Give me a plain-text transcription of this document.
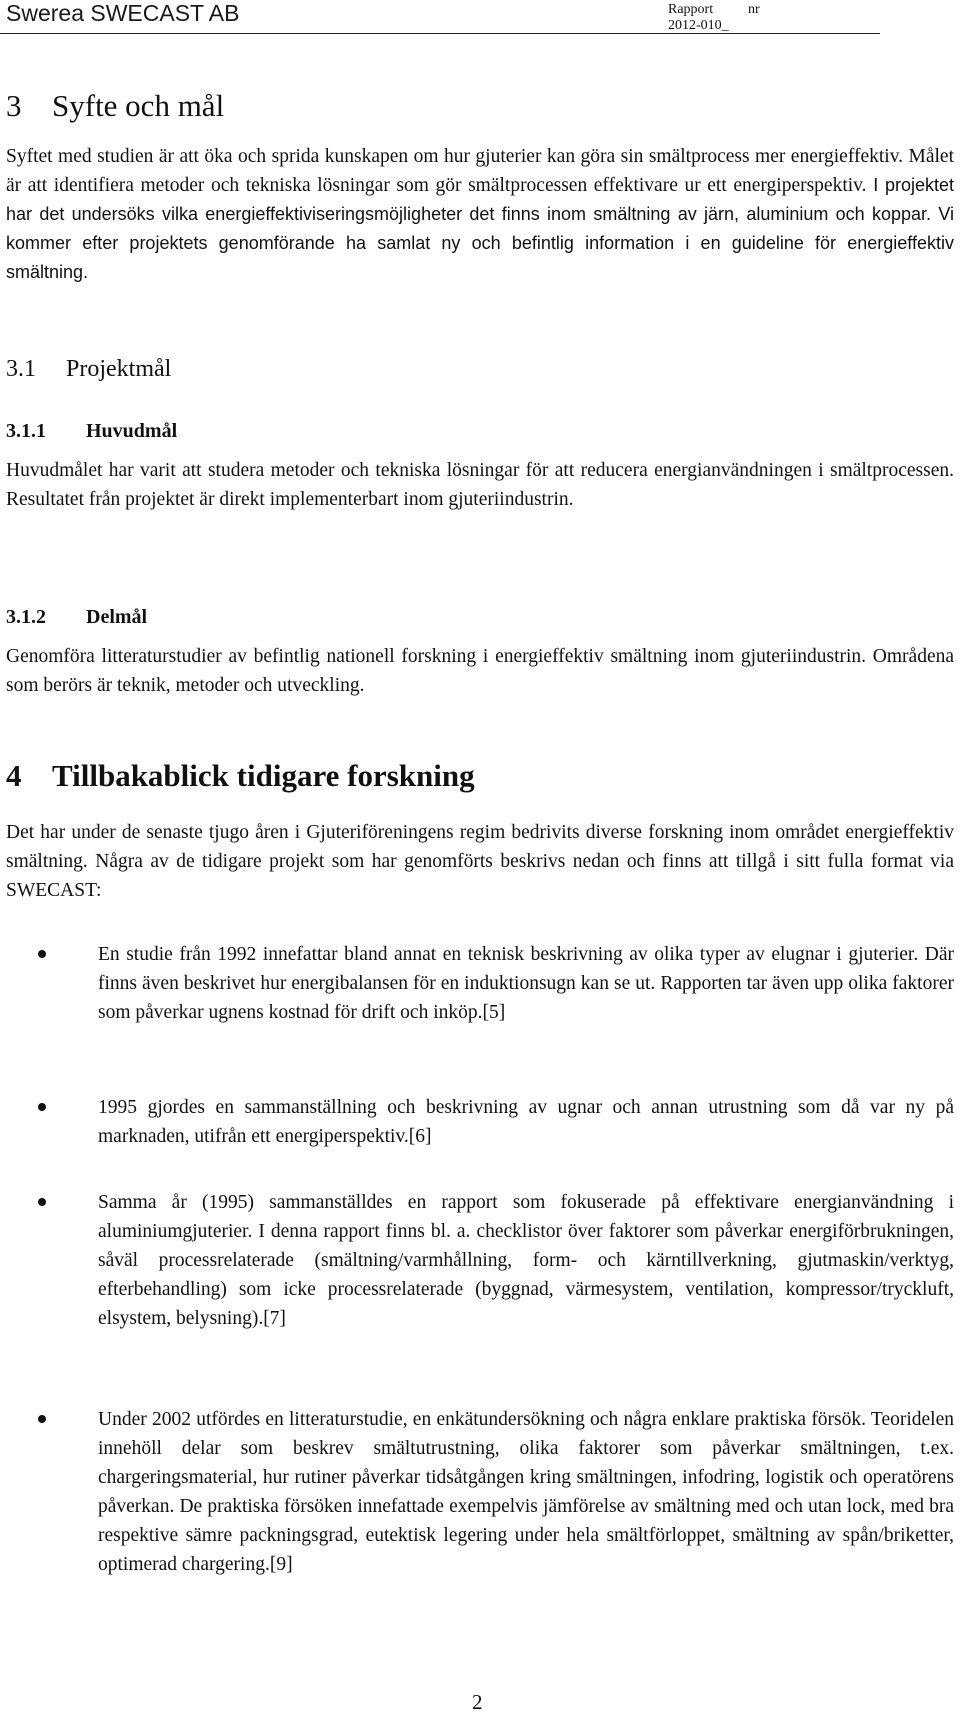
Swerea SWECAST AB	Rapport nr
2012-010_
3 Syfte och mål

Syftet med studien är att öka och sprida kunskapen om hur gjuterier kan göra sin smältprocess mer energieffektiv. Målet är att identifiera metoder och tekniska lösningar som gör smältprocessen effektivare ur ett energiperspektiv. I projektet har det undersöks vilka energieffektiviseringsmöjligheter det finns inom smältning av järn, aluminium och koppar. Vi kommer efter projektets genomförande ha samlat ny och befintlig information i en guideline för energieffektiv smältning.

3.1 Projektmål
3.1.1 Huvudmål

Huvudmålet har varit att studera metoder och tekniska lösningar för att reducera energianvändningen i smältprocessen. Resultatet från projektet är direkt implementerbart inom gjuteriindustrin.

3.1.2 Delmål

Genomföra litteraturstudier av befintlig nationell forskning i energieffektiv smältning inom gjuteriindustrin. Områdena som berörs är teknik, metoder och utveckling.

4 Tillbakablick tidigare forskning

Det har under de senaste tjugo åren i Gjuteriföreningens regim bedrivits diverse forskning inom området energieffektiv smältning. Några av de tidigare projekt som har genomförts beskrivs nedan och finns att tillgå i sitt fulla format via SWECAST:

En studie från 1992 innefattar bland annat en teknisk beskrivning av olika typer av elugnar i gjuterier. Där finns även beskrivet hur energibalansen för en induktionsugn kan se ut. Rapporten tar även upp olika faktorer som påverkar ugnens kostnad för drift och inköp.[5]

1995 gjordes en sammanställning och beskrivning av ugnar och annan utrustning som då var ny på marknaden, utifrån ett energiperspektiv.[6]

Samma år (1995) sammanställdes en rapport som fokuserade på effektivare energianvändning i aluminiumgjuterier. I denna rapport finns bl. a. checklistor över faktorer som påverkar energiförbrukningen, såväl processrelaterade (smältning/varmhållning, form- och kärntillverkning, gjutmaskin/verktyg, efterbehandling) som icke processrelaterade (byggnad, värmesystem, ventilation, kompressor/tryckluft, elsystem, belysning).[7]

Under 2002 utfördes en litteraturstudie, en enkätundersökning och några enklare praktiska försök. Teoridelen innehöll delar som beskrev smältutrustning, olika faktorer som påverkar smältningen, t.ex. chargeringsmaterial, hur rutiner påverkar tidsåtgången kring smältningen, infodring, logistik och operatörens påverkan. De praktiska försöken innefattade exempelvis jämförelse av smältning med och utan lock, med bra respektive sämre packningsgrad, eutektisk legering under hela smältförloppet, smältning av spån/briketter, optimerad chargering.[9]

2
